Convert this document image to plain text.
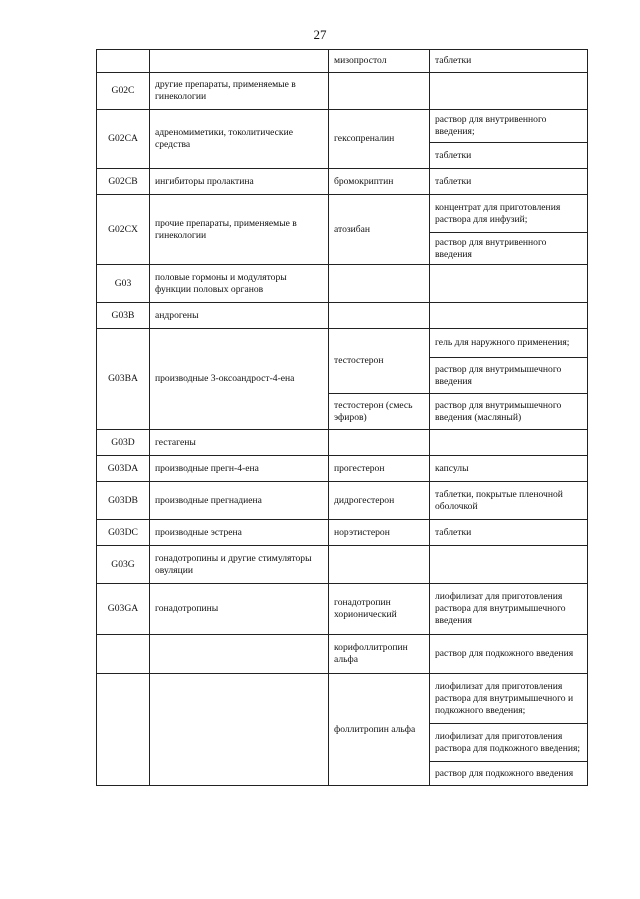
27
		мизопростол	таблетки
G02C	другие препараты, применяемые в гинекологии		
G02CA	адреномиметики, токолитические средства	гексопреналин	раствор для внутривенного введения;
			таблетки
G02CB	ингибиторы пролактина	бромокриптин	таблетки
G02CX	прочие препараты, применяемые в гинекологии	атозибан	концентрат для приготовления раствора для инфузий;
			раствор для внутривенного введения
G03	половые гормоны и модуляторы функции половых органов		
G03B	андрогены		
G03BA	производные 3-оксоандрост-4-ена	тестостерон	гель для наружного применения;
			раствор для внутримышечного введения
		тестостерон (смесь эфиров)	раствор для внутримышечного введения (масляный)
G03D	гестагены		
G03DA	производные прегн-4-ена	прогестерон	капсулы
G03DB	производные прегнадиена	дидрогестерон	таблетки, покрытые пленочной оболочкой
G03DC	производные эстрена	норэтистерон	таблетки
G03G	гонадотропины и другие стимуляторы овуляции		
G03GA	гонадотропины	гонадотропин хорионический	лиофилизат для приготовления раствора для внутримышечного введения
		корифоллитропин альфа	раствор для подкожного введения
		фоллитропин альфа	лиофилизат для приготовления раствора для внутримышечного и подкожного введения;
			лиофилизат для приготовления раствора для подкожного введения;
			раствор для подкожного введения
